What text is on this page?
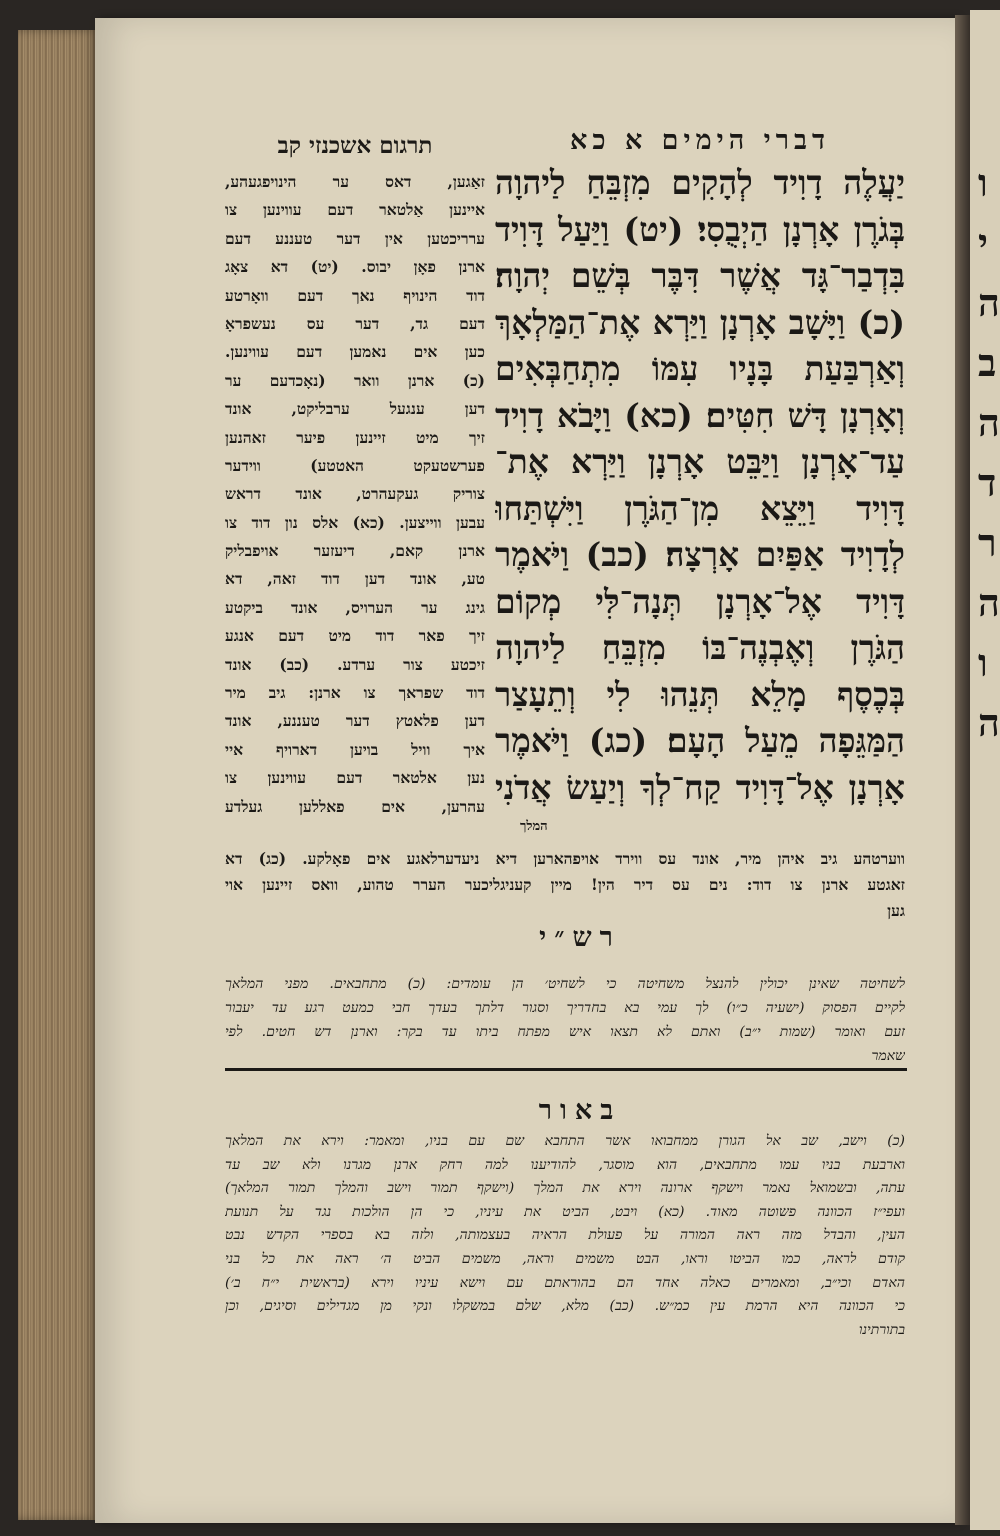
ו
י
ה
ב
ה
ד
ר
ה
ו
ה
דברי הימים א כא
תרגום אשכנזי קב
יַעֲלֶה דָוִיד לְהָקִים מִזְבֵּחַ לַיהוָה
בְּגֹרֶן אָרְנָן הַיְבֻסִי׃ (יט) וַיַּעַל דָּוִיד
בִּדְבַר־גָּד אֲשֶׁר דִּבֶּר בְּשֵׁם יְהוָה׃
(כ) וַיָּשָׁב אָרְנָן וַיַּרְא אֶת־הַמַּלְאָךְ
וְאַרְבַּעַת בָּנָיו עִמּוֹ מִתְחַבְּאִים
וְאָרְנָן דָּשׁ חִטִּים׃ (כא) וַיָּבֹא דָוִיד
עַד־אָרְנָן וַיַּבֵּט אָרְנָן וַיַּרְא אֶת־
דָּוִיד וַיֵּצֵא מִן־הַגֹּרֶן וַיִּשְׁתַּחוּ
לְדָוִיד אַפַּיִם אָרְצָה׃ (כב) וַיֹּאמֶר
דָּוִיד אֶל־אָרְנָן תְּנָה־לִּי מְקוֹם
הַגֹּרֶן וְאֶבְנֶה־בּוֹ מִזְבֵּחַ לַיהוָה
בְּכֶסֶף מָלֵא תְּנֵהוּ לִי וְתֵעָצַר
הַמַּגֵּפָה מֵעַל הָעָם׃ (כג) וַיֹּאמֶר
אָרְנָן אֶל־דָּוִיד קַח־לְךָ וְיַעַשׂ אֲדֹנִי
זאַגען, דאס ער הינויפגעהע,
איינען אַלטאר דעם עווינען צו
ערריכטען אין דער טעננע דעם
ארנן פאָן יבוס. (יט) דא צאָג
דוד הינויף נאך דעם וואָרטע
דעם גד, דער עס נעשפראָ
כען אים נאמען דעם עווינען.
(כ) ארנן וואר (נאָכדעם ער
דען ענגעל ערבליקט, אונד
זיך מיט זיינען פיער זאהנען
פערשטעקט האטטע) ווידער
צוריק געקעהרט, אונד דראש
עבען ווייצען. (כא) אלס נון דוד צו
ארנן קאם, דיעזער אויפבליק
טע, אונד דען דוד זאה, דא
גינג ער הערויס, אונד ביקטע
זיך פאר דוד מיט דעם אנגע
זיכטע צור ערדע. (כב) אונד
דוד שפראך צו ארנן: גיב מיר
דען פלאטץ דער טעננע, אונד
איך וויל בויען דארויף איי
נען אלטאר דעם עווינען צו
עהרען, אים פאללען געלדע
המלך
ווערטהע גיב איהן מיר, אונד עס ווירד אויפהארען דיא ניעדערלאגע אים פאָלקע. (כג) דא
זאגטע ארנן צו דוד: נים עס דיר הין! מיין קעניגליכער הערר טהוע, וואס זיינען אוי
גען
רש״י
לשחיטה שאינן יכולין להנצל משחיטה כי לשחיט׳ הן עומדים: (כ) מתחבאים. מפני המלאך
לקיים הפסוק (ישעיה כ״ו) לך עמי בא בחדריך וסגור דלתך בעדך חבי כמעט רגע עד יעבור
זעם ואומר (שמות י״ב) ואתם לא תצאו איש מפתח ביתו עד בקר: וארנן דש חטים. לפי
שאמר
באור
(כ) וישב, שב אל הגורן ממחבואו אשר התחבא שם עם בניו, ומאמר: וירא את המלאך
וארבעת בניו עמו מתחבאים, הוא מוסגר, להודיענו למה רחק ארנן מגרנו ולא שב עד
עתה, ובשמואל נאמר וישקף ארונה וירא את המלך (וישקף תמור וישב והמלך תמור המלאך)
ועפי״ז הכוונה פשוטה מאוד. (כא) ויבט, הביט את עיניו, כי הן הולכות נגד על תנועת
העין, והבדל מזה ראה המורה על פעולת הראיה בעצמותה, ולזה בא בספרי הקדש נבט
קודם לראה, כמו הביטו וראו, הבט משמים וראה, משמים הביט ה׳ ראה את כל בני
האדם וכי״ב, ומאמרים כאלה אחד הם בהוראתם עם וישא עיניו וירא (בראשית י״ח ב׳)
כי הכוונה היא הרמת עין כמ״ש. (כב) מלא, שלם במשקלו ונקי מן מגדילים וסיגים, וכן
בתורתינו
